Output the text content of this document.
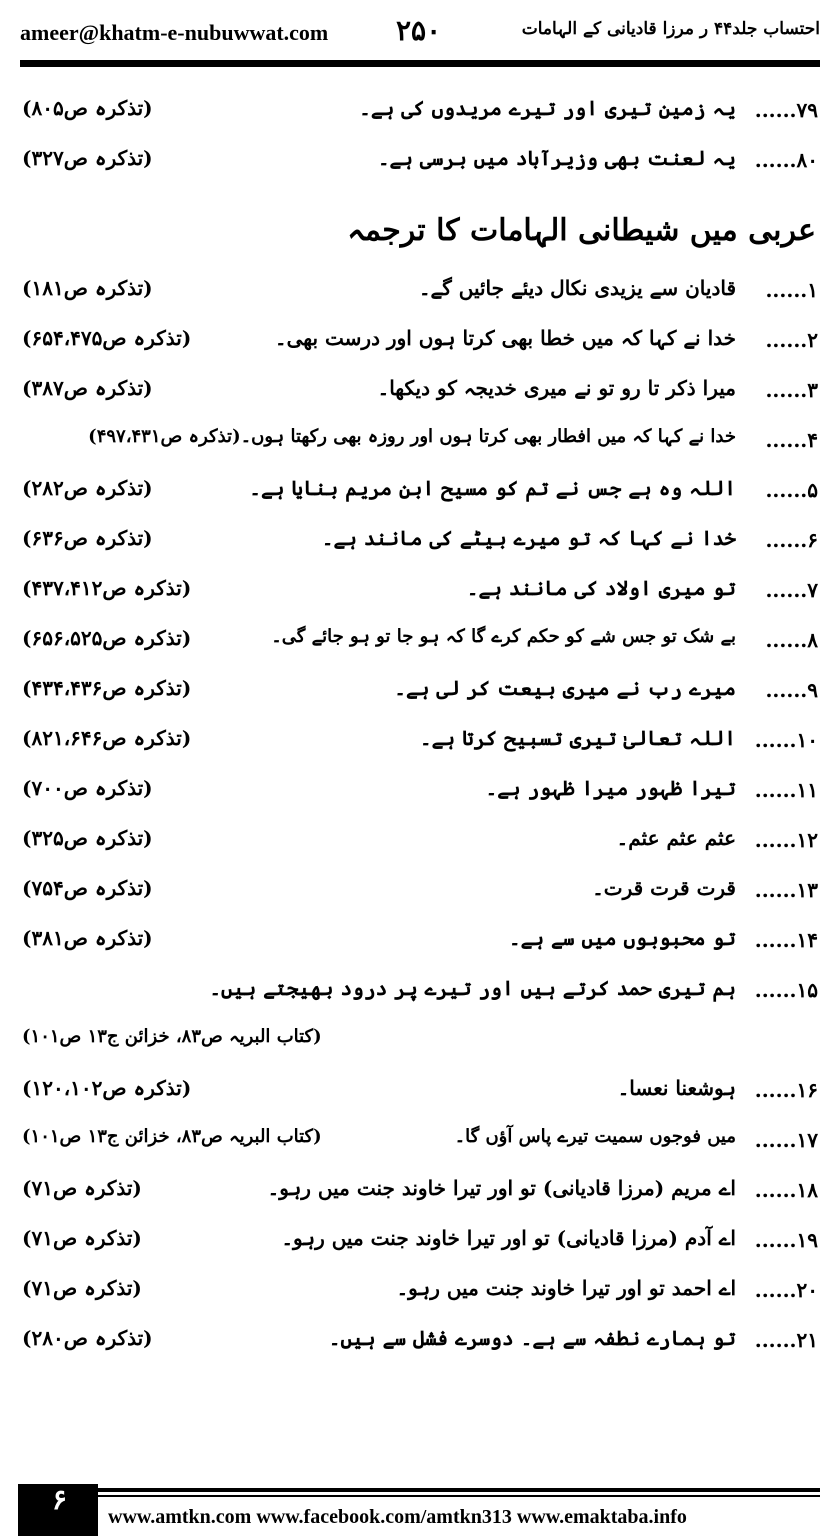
ameer@khatm-e-nubuwwat.com ۲۵۰	احتساب جلد۴۴ ر مرزا قادیانی کے الہامات
۷۹......
یہ زمین تیری اور تیرے مریدوں کی ہے۔
(تذکرہ ص۸۰۵)
۸۰......
یہ لعنت بھی وزیرآباد میں برسی ہے۔
(تذکرہ ص۳۲۷)
عربی میں شیطانی الہامات کا ترجمہ
۱......
قادیان سے یزیدی نکال دیئے جائیں گے۔
(تذکرہ ص۱۸۱)
۲......
خدا نے کہا کہ میں خطا بھی کرتا ہوں اور درست بھی۔
(تذکرہ ص۶۵۴،۴۷۵)
۳......
میرا ذکر تا رو تو نے میری خدیجہ کو دیکھا۔
(تذکرہ ص۳۸۷)
۴......
خدا نے کہا کہ میں افطار بھی کرتا ہوں اور روزہ بھی رکھتا ہوں۔(تذکرہ ص۴۹۷،۴۳۱)
۵......
اللہ وہ ہے جس نے تم کو مسیح ابن مریم بنایا ہے۔
(تذکرہ ص۲۸۲)
۶......
خدا نے کہا کہ تو میرے بیٹے کی مانند ہے۔
(تذکرہ ص۶۳۶)
۷......
تو میری اولاد کی مانند ہے۔
(تذکرہ ص۴۳۷،۴۱۲)
۸......
بے شک تو جس شے کو حکم کرے گا کہ ہو جا تو ہو جائے گی۔
(تذکرہ ص۶۵۶،۵۲۵)
۹......
میرے رب نے میری بیعت کر لی ہے۔
(تذکرہ ص۴۳۴،۴۳۶)
۱۰......
اللہ تعالیٰ تیری تسبیح کرتا ہے۔
(تذکرہ ص۸۲۱،۶۴۶)
۱۱......
تیرا ظہور میرا ظہور ہے۔
(تذکرہ ص۷۰۰)
۱۲......
عثم عثم عثم۔
(تذکرہ ص۳۲۵)
۱۳......
قرت قرت قرت۔
(تذکرہ ص۷۵۴)
۱۴......
تو محبوبوں میں سے ہے۔
(تذکرہ ص۳۸۱)
۱۵......
ہم تیری حمد کرتے ہیں اور تیرے پر درود بھیجتے ہیں۔
(کتاب البریہ ص۸۳، خزائن ج۱۳ ص۱۰۱)
۱۶......
ہوشعنا نعسا۔
(تذکرہ ص۱۲۰،۱۰۲)
۱۷......
میں فوجوں سمیت تیرے پاس آؤں گا۔
(کتاب البریہ ص۸۳، خزائن ج۱۳ ص۱۰۱)
۱۸......
اے مریم (مرزا قادیانی) تو اور تیرا خاوند جنت میں رہو۔
(تذکرہ ص۷۱)
۱۹......
اے آدم (مرزا قادیانی) تو اور تیرا خاوند جنت میں رہو۔
(تذکرہ ص۷۱)
۲۰......
اے احمد تو اور تیرا خاوند جنت میں رہو۔
(تذکرہ ص۷۱)
۲۱......
تو ہمارے نطفہ سے ہے۔ دوسرے فشل سے ہیں۔
(تذکرہ ص۲۸۰)
۶
www.amtkn.com www.facebook.com/amtkn313 www.emaktaba.info
